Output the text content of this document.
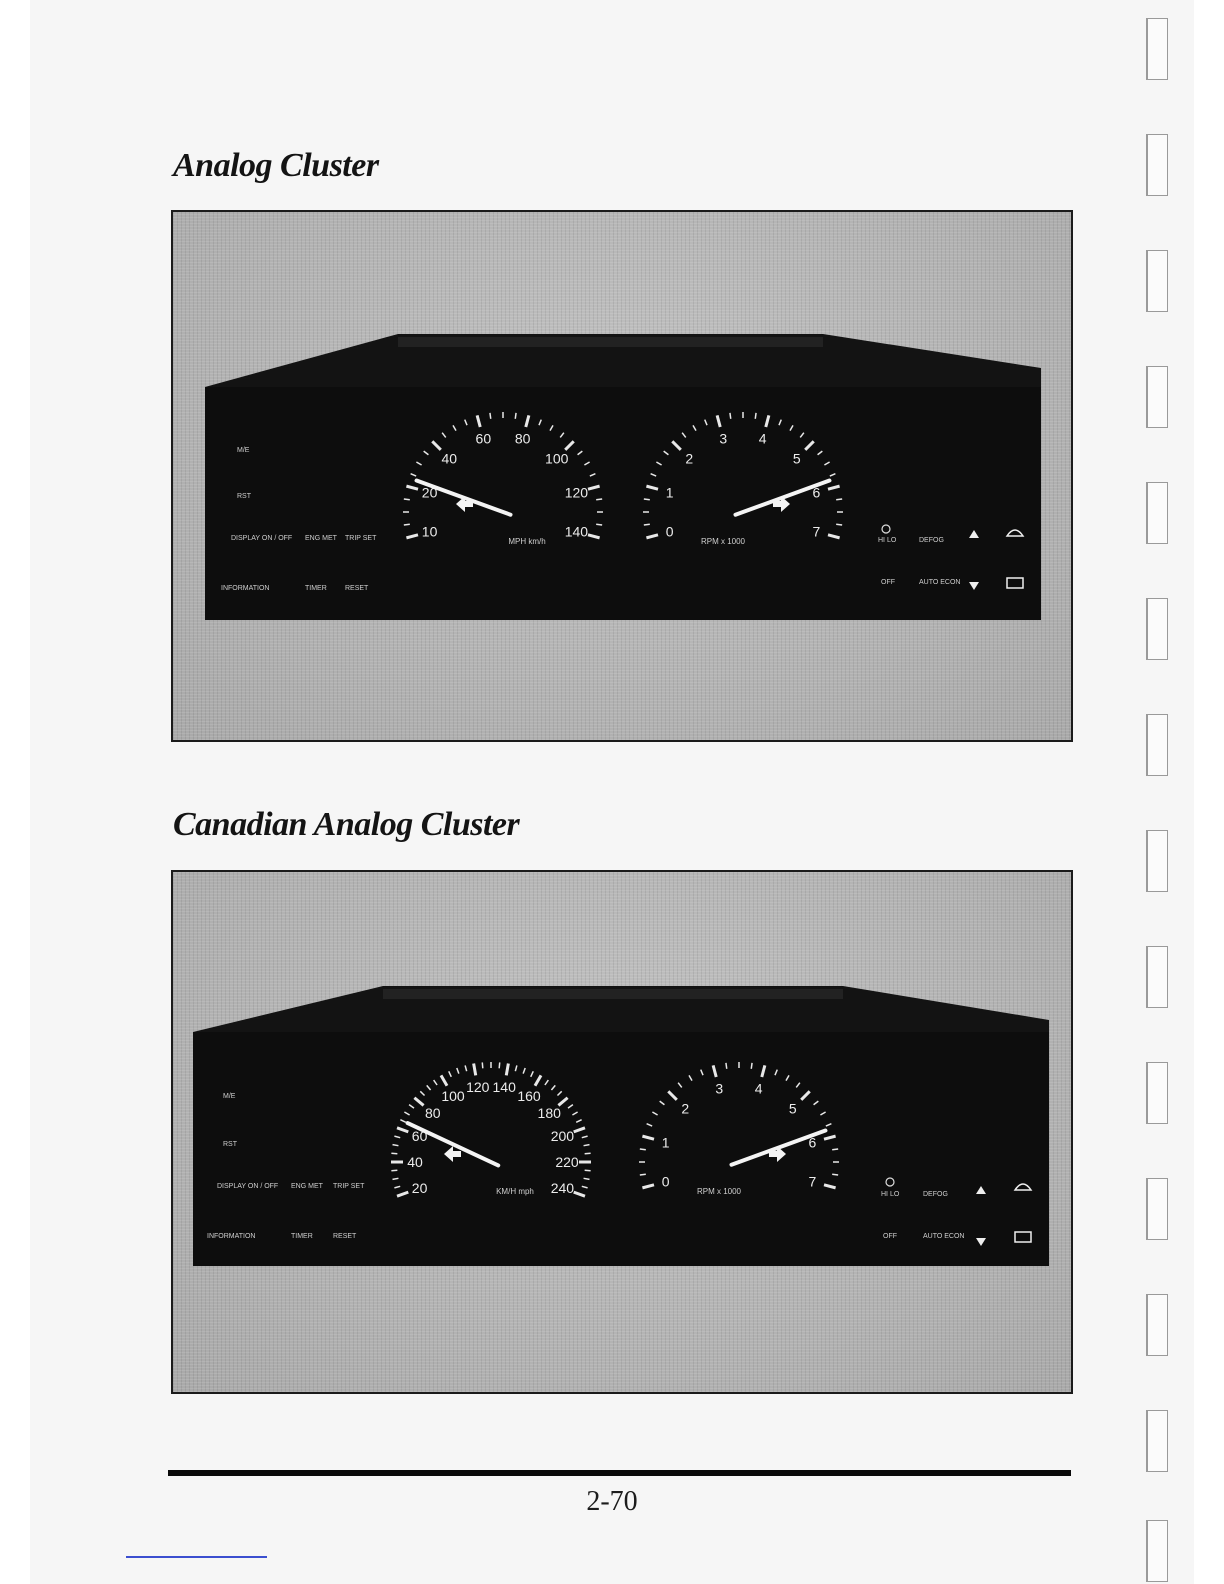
Analog Cluster
10
20
40
60 80
100
120
140
MPH km/h
0
1
2
3 4
5
6
7
RPM x 1000
M/E
RST
DISPLAY ON / OFF ENG MET TRIP SET
INFORMATION	TIMER	RESET
HI LO	DEFOG
OFF	AUTO ECON
Canadian Analog Cluster
20
40
60
80
100
120 140
160
180
200
220
240
KM/H mph
0
1
2
3 4
5
6
7
RPM x 1000
M/E
RST
DISPLAY ON / OFF ENG MET TRIP SET
INFORMATION	TIMER	RESET
HI LO	DEFOG
OFF	AUTO ECON
2-70
